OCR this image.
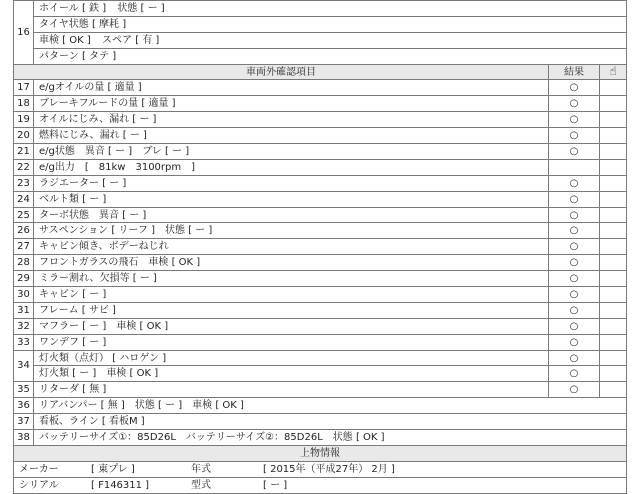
16	ホイール [ 鉄 ] 状態 [ ー ]		
	タイヤ状態 [ 摩耗 ]		
	車検 [ OK ] スペア [ 有 ]		
	パターン [ タテ ]		
車両外確認項目		結果	☝
17	e/gオイルの量 [ 適量 ]	○	
18	ブレーキフルードの量 [ 適量 ]	○	
19	オイルにじみ、漏れ [ ー ]	○	
20	燃料にじみ、漏れ [ ー ]	○	
21	e/g状態　異音 [ ー ]　ブレ [ ー ]	○	
22	e/g出力　[　81kw　3100rpm　]		
23	ラジエーター [ ー ]	○	
24	ベルト類 [ ー ]	○	
25	ターボ状態　異音 [ ー ]	○	
26	サスペンション [ リーフ ]　状態 [ ー ]	○	
27	キャビン傾き、ボデーねじれ	○	
28	フロントガラスの飛石　車検 [ OK ]	○	
29	ミラー割れ、欠損等 [ ー ]	○	
30	キャビン [ ー ]	○	
31	フレーム [ サビ ]	○	
32	マフラー [ ー ]　車検 [ OK ]	○	
33	ワンデフ [ ー ]	○	
34	灯火類（点灯） [ ハロゲン ]	○	
	灯火類 [ ー ]　車検 [ OK ]	○	
35	リターダ [ 無 ]	○	
36	リアバンパー [ 無 ]　状態 [ ー ]　車検 [ OK ]		
37	看板、ライン [ 看板M ]		
38	バッテリーサイズ①：85D26L　バッテリーサイズ②：85D26L　状態 [ OK ]		
上物情報			
メーカー [ 東プレ ] 年式 [ 2015年（平成27年） 2月 ]			
シリアル [ F146311 ] 型式 [ ー ]			
